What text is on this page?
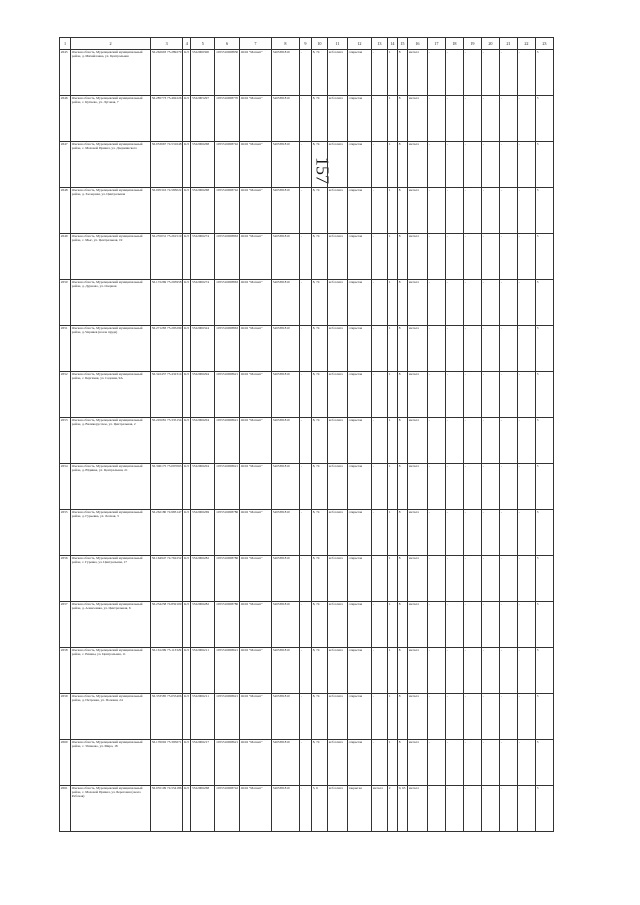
157
1	2	3	4	5	6	7	8	9	10	11	12	13	14	15	16	17	18	19	20	21	22	23
2645	Омская область, Муромцевский муниципальный район, д. Михайловка, ул. Центральная	56.262603 75.289279	КЛ	5522006300	1055516008830	ООО "Магнит"	5403381810	-	8, 74	ж/б плита	открытая	-	1	8	металл	-	-	-	-	-	-	3
2646	Омская область, Муромцевский муниципальный район, с. Кутнево, ул. Луговая, 7	56.285773 75.492226	КЛ	5522005297	1055516008770	ООО "Магнит"	5403381810	-	8, 74	ж/б плита	открытая	-	1	8	металл	-	-	-	-	-	-	3
2647	Омская область, Муромцевский муниципальный район, с. Моховой Привал, ул. Дзержинского	56.053667 74.531648	КЛ	5522006268	1055516008742	ООО "Магнит"	5403381810	-	8, 74	ж/б плита	открытая	-	1	8	металл	-	-	-	-	-	-	3
2648	Омская область, Муромцевский муниципальный район, д. Заозерная, ул. Центральная	56.005316 74.583022	КЛ	5522006268	1055516008742	ООО "Магнит"	5403381810	-	8, 74	ж/б плита	открытая	-	1	8	металл	-	-	-	-	-	-	3
2649	Омская область, Муромцевский муниципальный район, с. Мыс, ул. Центральная, 19	56.235031 75.261519	КЛ	5522006274	1055516008863	ООО "Магнит"	5403381810	-	8, 74	ж/б плита	открытая	-	1	8	металл	-	-	-	-	-	-	3
2650	Омская область, Муромцевский муниципальный район, д. Дурново, ул. Озерная	56.172269 75.293958	КЛ	5522006274	1055516008863	ООО "Магнит"	5403381810	-	8, 74	ж/б плита	открытая	-	1	8	металл	-	-	-	-	-	-	3
2651	Омская область, Муромцевский муниципальный район, д. Черняев (возле пруда)	56.271283 75.295299	КЛ	5522006324	1055516008863	ООО "Магнит"	5403381810	-	8, 74	ж/б плита	открытая	-	1	8	металл	-	-	-	-	-	-	3
2652	Омская область, Муромцевский муниципальный район, с. Бергамак, ул. Садовая, 9А	56.322457 75.432314	КЛ	5522006294	1055516008621	ООО "Магнит"	5403381810	-	8, 74	ж/б плита	открытая	-	1	8	металл	-	-	-	-	-	-	3
2653	Омская область, Муромцевский муниципальный район, д. Великорусское, ул. Центральная, 2	56.245081 75.335154	КЛ	5522006204	1055516008621	ООО "Магнит"	5403381810	-	8, 74	ж/б плита	открытая	-	1	8	металл	-	-	-	-	-	-	3
2654	Омская область, Муромцевский муниципальный район, д. Юдинка, ул. Центральная, 21	56.306175 75.097063	КЛ	5522006204	1055516008621	ООО "Магнит"	5403381810	-	8, 74	ж/б плита	открытая	-	1	8	металл	-	-	-	-	-	-	3
2655	Омская область, Муромцевский муниципальный район, д. Гурьевка, ул. Лесная, 3	56.262180 74.983147	КЛ	5522006269	1055516008786	ООО "Магнит"	5403381810	-	8, 74	ж/б плита	открытая	-	1	8	металл	-	-	-	-	-	-	3
2656	Омская область, Муромцевский муниципальный район, с. Гуревка, ул. Центральная, 17	56.164947 74.762252	КЛ	5522006282	1055516008786	ООО "Магнит"	5403381810	-	8, 74	ж/б плита	открытая	-	1	8	металл	-	-	-	-	-	-	3
2657	Омская область, Муромцевский муниципальный район, д. Алексеевка, ул. Центральная, 6	56.234258 74.859109	КЛ	5522006282	1055516008786	ООО "Магнит"	5403381810	-	8, 74	ж/б плита	открытая	-	1	8	металл	-	-	-	-	-	-	3
2658	Омская область, Муромцевский муниципальный район, с. Рязаны, ул. Центральная, 11	56.161299 75.113329	КЛ	5522006211	1055516008621	ООО "Магнит"	5403381810	-	8, 74	ж/б плита	открытая	-	1	8	металл	-	-	-	-	-	-	3
2659	Омская область, Муромцевский муниципальный район, д. Петровка, ул. Полевая, 24	56.333585 75.055406	КЛ	5522006211	1055516008621	ООО "Магнит"	5403381810	-	8, 74	ж/б плита	открытая	-	1	8	металл	-	-	-	-	-	-	3
2660	Омская область, Муромцевский муниципальный район, с. Ушаково, ул. Мира, 18	56.176002 75.395671	КЛ	5522006217	1055516008621	ООО "Магнит"	5403381810	-	8, 74	ж/б плита	открытая	-	1	8	металл	-	-	-	-	-	-	3
2661	Омская область, Муромцевский муниципальный район, с. Моховой Привал, ул. Береговая (около Рабочая)	56.035109 74.554186	КЛ	5522006268	1055516008742	ООО "Магнит"	5403381810	-	5, 6	ж/б плита	закрытая	металл	2	0, 65	металл	-	-	-	-	-	-	3
